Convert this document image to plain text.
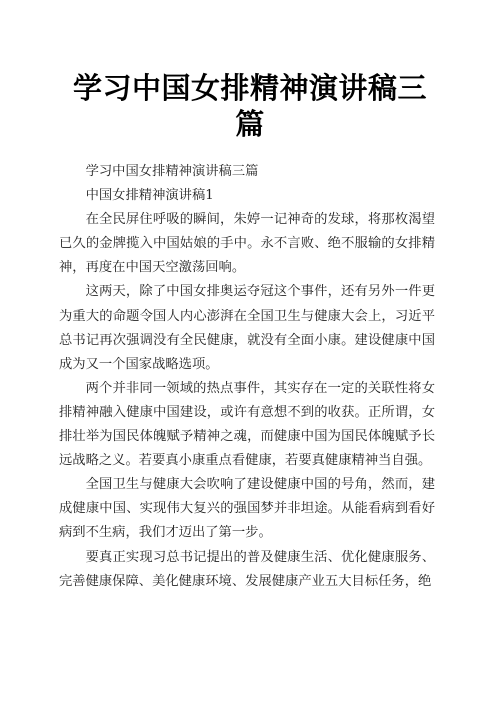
学习中国女排精神演讲稿三篇

学习中国女排精神演讲稿三篇

中国女排精神演讲稿1

在全民屏住呼吸的瞬间，朱婷一记神奇的发球，将那枚渴望已久的金牌揽入中国姑娘的手中。永不言败、绝不服输的女排精神，再度在中国天空激荡回响。

这两天，除了中国女排奥运夺冠这个事件，还有另外一件更为重大的命题令国人内心澎湃在全国卫生与健康大会上，习近平总书记再次强调没有全民健康，就没有全面小康。建设健康中国成为又一个国家战略选项。

两个并非同一领域的热点事件，其实存在一定的关联性将女排精神融入健康中国建设，或许有意想不到的收获。正所谓，女排壮举为国民体魄赋予精神之魂，而健康中国为国民体魄赋予长远战略之义。若要真小康重点看健康，若要真健康精神当自强。

全国卫生与健康大会吹响了建设健康中国的号角，然而，建成健康中国、实现伟大复兴的强国梦并非坦途。从能看病到看好病到不生病，我们才迈出了第一步。

要真正实现习总书记提出的普及健康生活、优化健康服务、完善健康保障、美化健康环境、发展健康产业五大目标任务，绝
